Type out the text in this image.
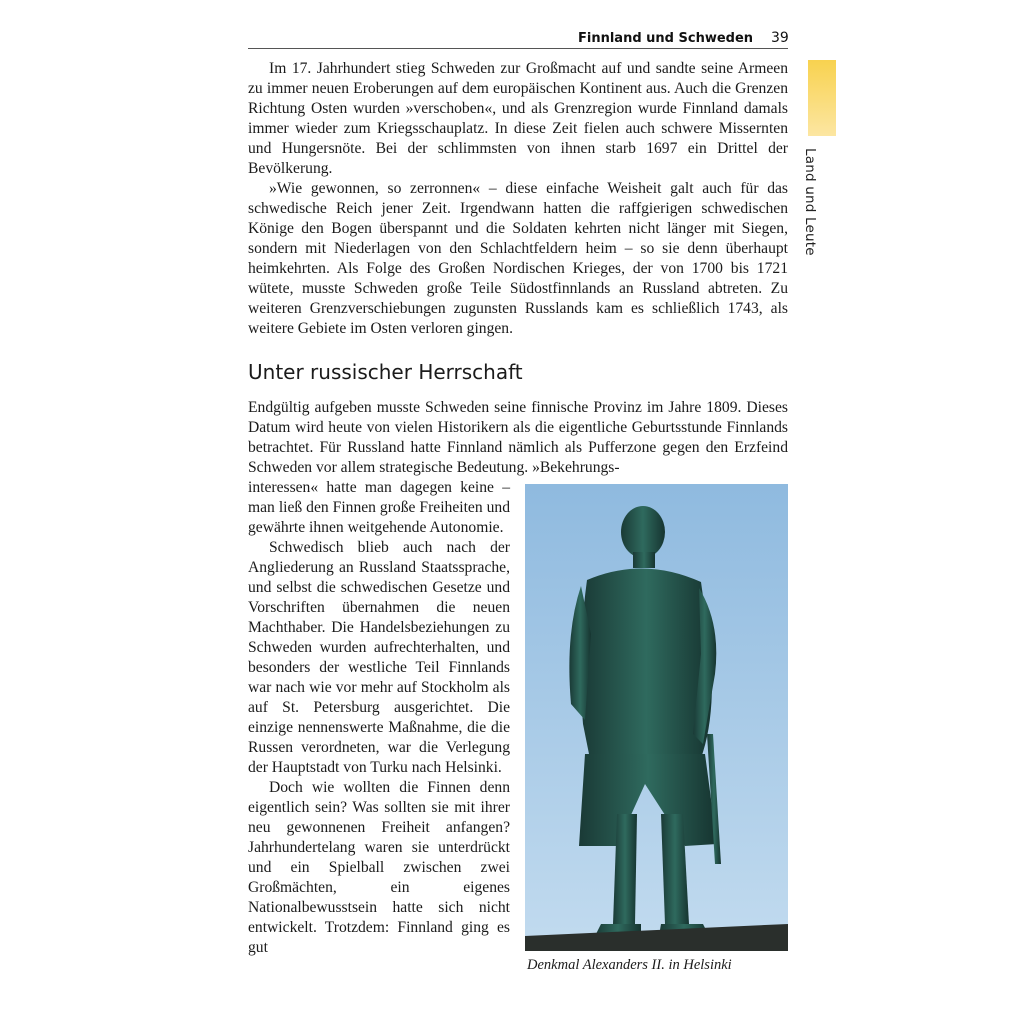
Finnland und Schweden 39
Land und Leute

Im 17. Jahrhundert stieg Schweden zur Großmacht auf und sandte seine Armeen zu immer neuen Eroberungen auf dem europäischen Kontinent aus. Auch die Grenzen Richtung Osten wurden »verschoben«, und als Grenzregion wurde Finnland damals immer wieder zum Kriegsschauplatz. In diese Zeit fielen auch schwere Missernten und Hungersnöte. Bei der schlimmsten von ihnen starb 1697 ein Drittel der Bevölkerung.

»Wie gewonnen, so zerronnen« – diese einfache Weisheit galt auch für das schwedische Reich jener Zeit. Irgendwann hatten die raffgierigen schwedischen Könige den Bogen überspannt und die Soldaten kehrten nicht länger mit Siegen, sondern mit Niederlagen von den Schlachtfeldern heim – so sie denn überhaupt heimkehrten. Als Folge des Großen Nordischen Krieges, der von 1700 bis 1721 wütete, musste Schweden große Teile Südostfinnlands an Russland abtreten. Zu weiteren Grenzverschiebungen zugunsten Russlands kam es schließlich 1743, als weitere Gebiete im Osten verloren gingen.

Unter russischer Herrschaft

Endgültig aufgeben musste Schweden seine finnische Provinz im Jahre 1809. Dieses Datum wird heute von vielen Historikern als die eigentliche Geburtsstunde Finnlands betrachtet. Für Russland hatte Finnland nämlich als Pufferzone gegen den Erzfeind Schweden vor allem strategische Bedeutung. »Bekehrungs-

interessen« hatte man dagegen keine – man ließ den Finnen große Freiheiten und gewährte ihnen weitgehende Autonomie.

Schwedisch blieb auch nach der Angliederung an Russland Staatssprache, und selbst die schwedischen Gesetze und Vorschriften übernahmen die neuen Machthaber. Die Handelsbeziehungen zu Schweden wurden aufrechterhalten, und besonders der westliche Teil Finnlands war nach wie vor mehr auf Stockholm als auf St. Petersburg ausgerichtet. Die einzige nennenswerte Maßnahme, die die Russen verordneten, war die Verlegung der Hauptstadt von Turku nach Helsinki.

Doch wie wollten die Finnen denn eigentlich sein? Was sollten sie mit ihrer neu gewonnenen Freiheit anfangen? Jahrhundertelang waren sie unterdrückt und ein Spielball zwischen zwei Großmächten, ein eigenes Nationalbewusstsein hatte sich nicht entwickelt. Trotzdem: Finnland ging es gut

Denkmal Alexanders II. in Helsinki
